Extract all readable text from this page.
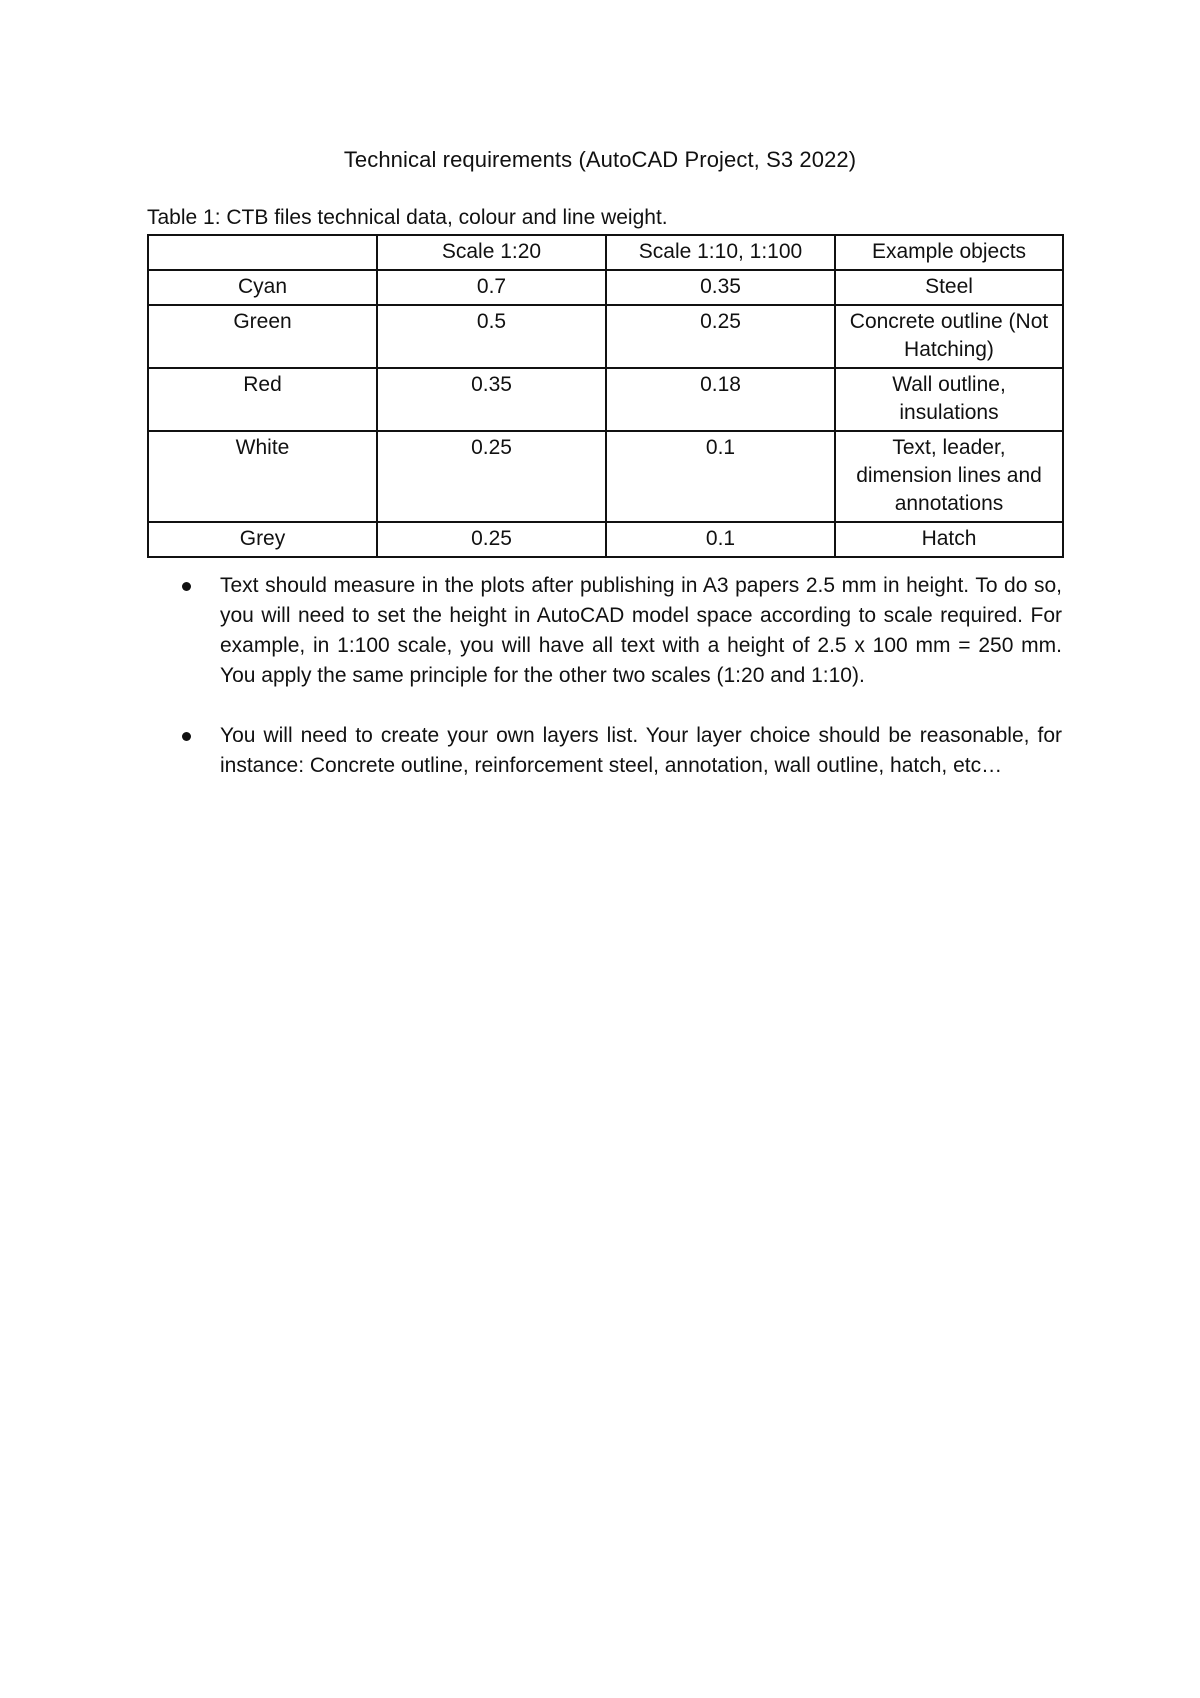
Technical requirements (AutoCAD Project, S3 2022)
Table 1: CTB files technical data, colour and line weight.
	Scale 1:20	Scale 1:10, 1:100	Example objects
Cyan	0.7	0.35	Steel
Green	0.5	0.25	Concrete outline (Not Hatching)
Red	0.35	0.18	Wall outline, insulations
White	0.25	0.1	Text, leader, dimension lines and annotations
Grey	0.25	0.1	Hatch
Text should measure in the plots after publishing in A3 papers 2.5 mm in height. To do so, you will need to set the height in AutoCAD model space according to scale required. For example, in 1:100 scale, you will have all text with a height of 2.5 x 100 mm = 250 mm. You apply the same principle for the other two scales (1:20 and 1:10).
You will need to create your own layers list. Your layer choice should be reasonable, for instance: Concrete outline, reinforcement steel, annotation, wall outline, hatch, etc…
